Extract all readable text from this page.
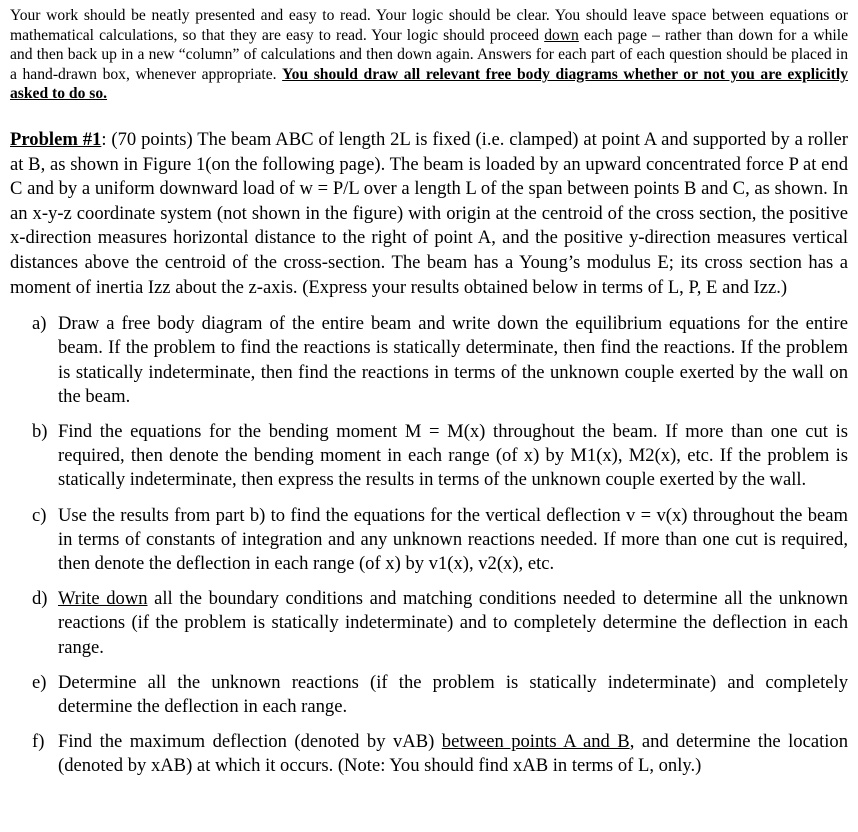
Your work should be neatly presented and easy to read. Your logic should be clear. You should leave space between equations or mathematical calculations, so that they are easy to read. Your logic should proceed down each page – rather than down for a while and then back up in a new “column” of calculations and then down again. Answers for each part of each question should be placed in a hand-drawn box, whenever appropriate. You should draw all relevant free body diagrams whether or not you are explicitly asked to do so.

Problem #1: (70 points) The beam ABC of length 2L is fixed (i.e. clamped) at point A and supported by a roller at B, as shown in Figure 1(on the following page). The beam is loaded by an upward concentrated force P at end C and by a uniform downward load of w = P/L over a length L of the span between points B and C, as shown. In an x-y-z coordinate system (not shown in the figure) with origin at the centroid of the cross section, the positive x-direction measures horizontal distance to the right of point A, and the positive y-direction measures vertical distances above the centroid of the cross-section. The beam has a Young’s modulus E; its cross section has a moment of inertia Izz about the z-axis. (Express your results obtained below in terms of L, P, E and Izz.)
a) Draw a free body diagram of the entire beam and write down the equilibrium equations for the entire beam. If the problem to find the reactions is statically determinate, then find the reactions. If the problem is statically indeterminate, then find the reactions in terms of the unknown couple exerted by the wall on the beam.
b) Find the equations for the bending moment M = M(x) throughout the beam. If more than one cut is required, then denote the bending moment in each range (of x) by M1(x), M2(x), etc. If the problem is statically indeterminate, then express the results in terms of the unknown couple exerted by the wall.
c) Use the results from part b) to find the equations for the vertical deflection v = v(x) throughout the beam in terms of constants of integration and any unknown reactions needed. If more than one cut is required, then denote the deflection in each range (of x) by v1(x), v2(x), etc.
d) Write down all the boundary conditions and matching conditions needed to determine all the unknown reactions (if the problem is statically indeterminate) and to completely determine the deflection in each range.
e) Determine all the unknown reactions (if the problem is statically indeterminate) and completely determine the deflection in each range.
f) Find the maximum deflection (denoted by vAB) between points A and B, and determine the location (denoted by xAB) at which it occurs. (Note: You should find xAB in terms of L, only.)
